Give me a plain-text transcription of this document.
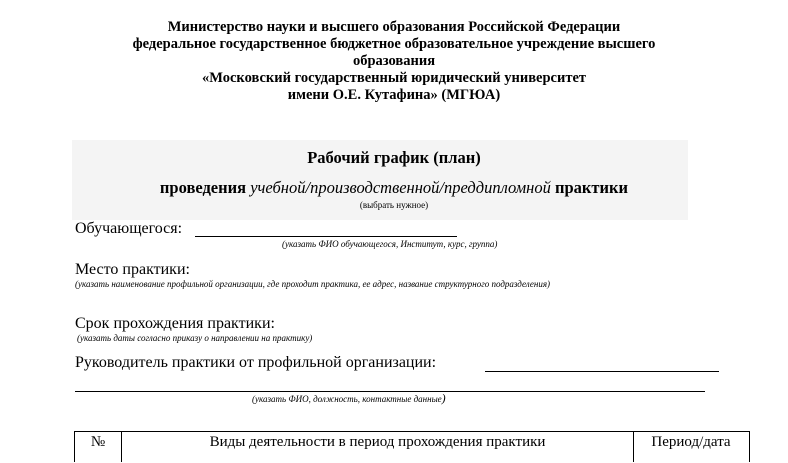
Министерство науки и высшего образования Российской Федерации
федеральное государственное бюджетное образовательное учреждение высшего
образования
«Московский государственный юридический университет
имени О.Е. Кутафина» (МГЮА)
Рабочий график (план)
проведения учебной/производственной/преддипломной практики
(выбрать нужное)
Обучающегося:
(указать ФИО обучающегося, Институт, курс, группа)
Место практики:
(указать наименование профильной организации, где проходит практика, ее адрес, название структурного подразделения)
Срок прохождения практики:
(указать даты согласно приказу о направлении на практику)
Руководитель практики от профильной организации:
(указать ФИО, должность, контактные данные)
№	Виды деятельности в период прохождения практики	Период/дата
